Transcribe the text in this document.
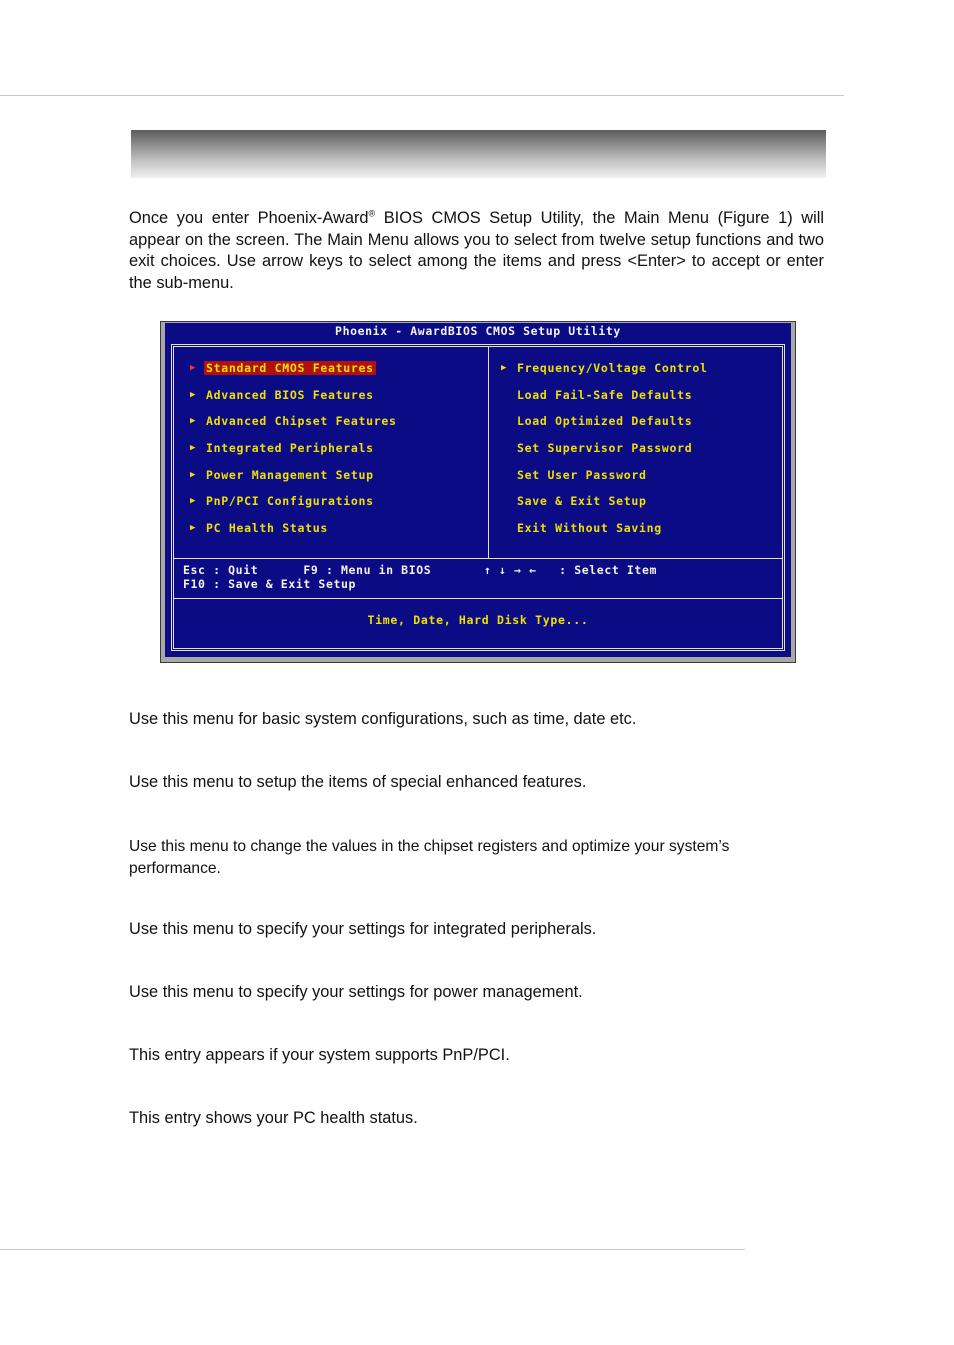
Once you enter Phoenix-Award® BIOS CMOS Setup Utility, the Main Menu (Figure 1) will appear on the screen. The Main Menu allows you to select from twelve setup functions and two exit choices. Use arrow keys to select among the items and press <Enter> to accept or enter the sub-menu.

Phoenix - AwardBIOS CMOS Setup Utility
▶ Standard CMOS Features
▶ Advanced BIOS Features
▶ Advanced Chipset Features
▶ Integrated Peripherals
▶ Power Management Setup
▶ PnP/PCI Configurations
▶ PC Health Status
▶ Frequency/Voltage Control
Load Fail-Safe Defaults
Load Optimized Defaults
Set Supervisor Password
Set User Password
Save & Exit Setup
Exit Without Saving
Esc : Quit      F9 : Menu in BIOS       ↑ ↓ → ←   : Select Item
F10 : Save & Exit Setup
Time, Date, Hard Disk Type...

Use this menu for basic system configurations, such as time, date etc.

Use this menu to setup the items of special enhanced features.

Use this menu to change the values in the chipset registers and optimize your system’s performance.

Use this menu to specify your settings for integrated peripherals.

Use this menu to specify your settings for power management.

This entry appears if your system supports PnP/PCI.

This entry shows your PC health status.
